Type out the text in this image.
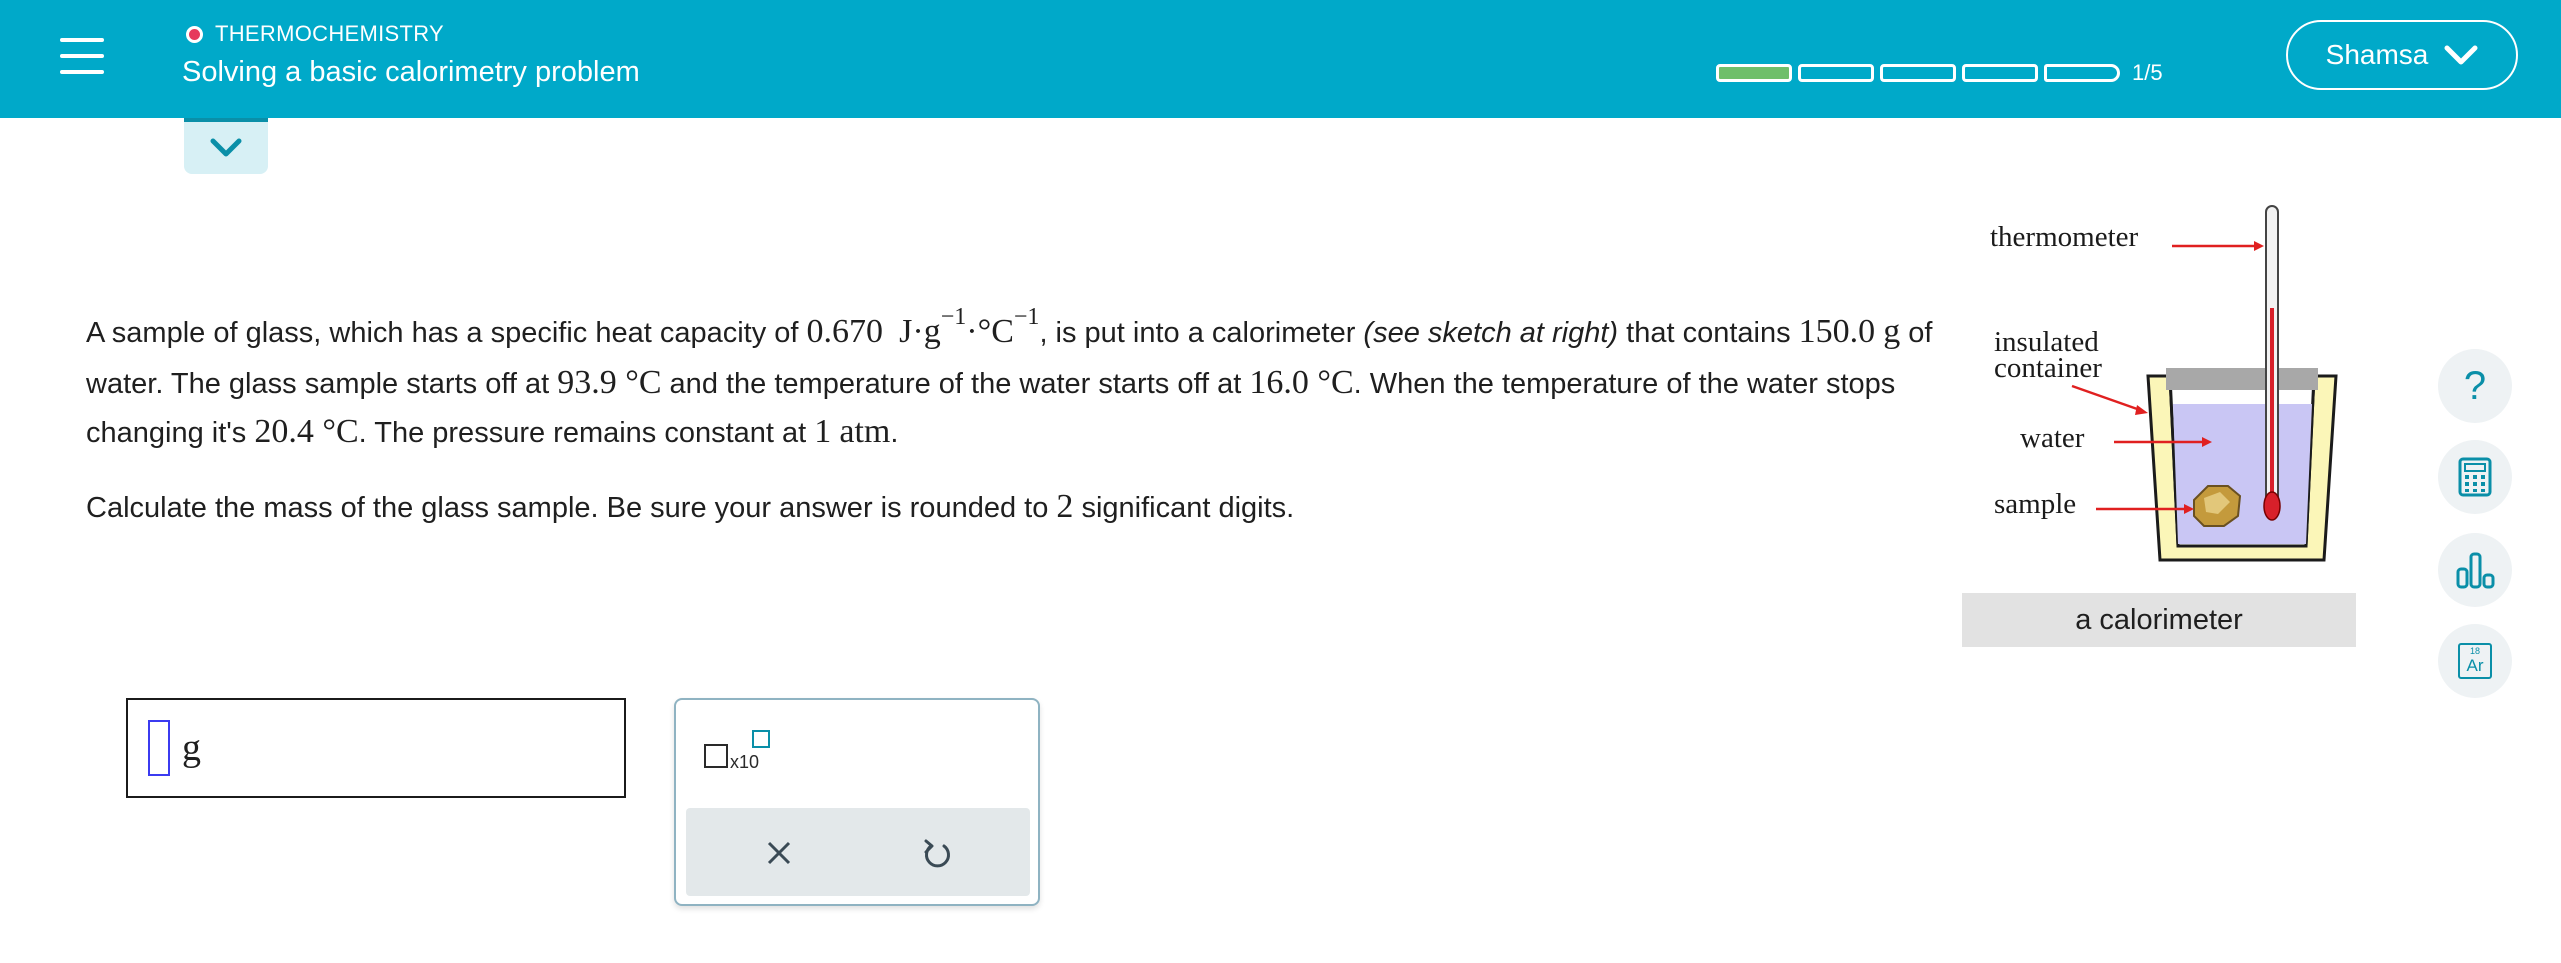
THERMOCHEMISTRY
Solving a basic calorimetry problem	1/5
Shamsa

A sample of glass, which has a specific heat capacity of 0.670 $J\cdot g^{-1}\cdot^\circ C^{-1}$, is put into a calorimeter (see sketch at right) that contains 150.0 g of water. The glass sample starts off at 93.9 °C and the temperature of the water starts off at 16.0 °C. When the temperature of the water stops changing it's 20.4 °C. The pressure remains constant at 1 atm.

Calculate the mass of the glass sample. Be sure your answer is rounded to 2 significant digits.

thermometer
insulated
container
water
sample
a calorimeter
?
18
Ar
g	x10
